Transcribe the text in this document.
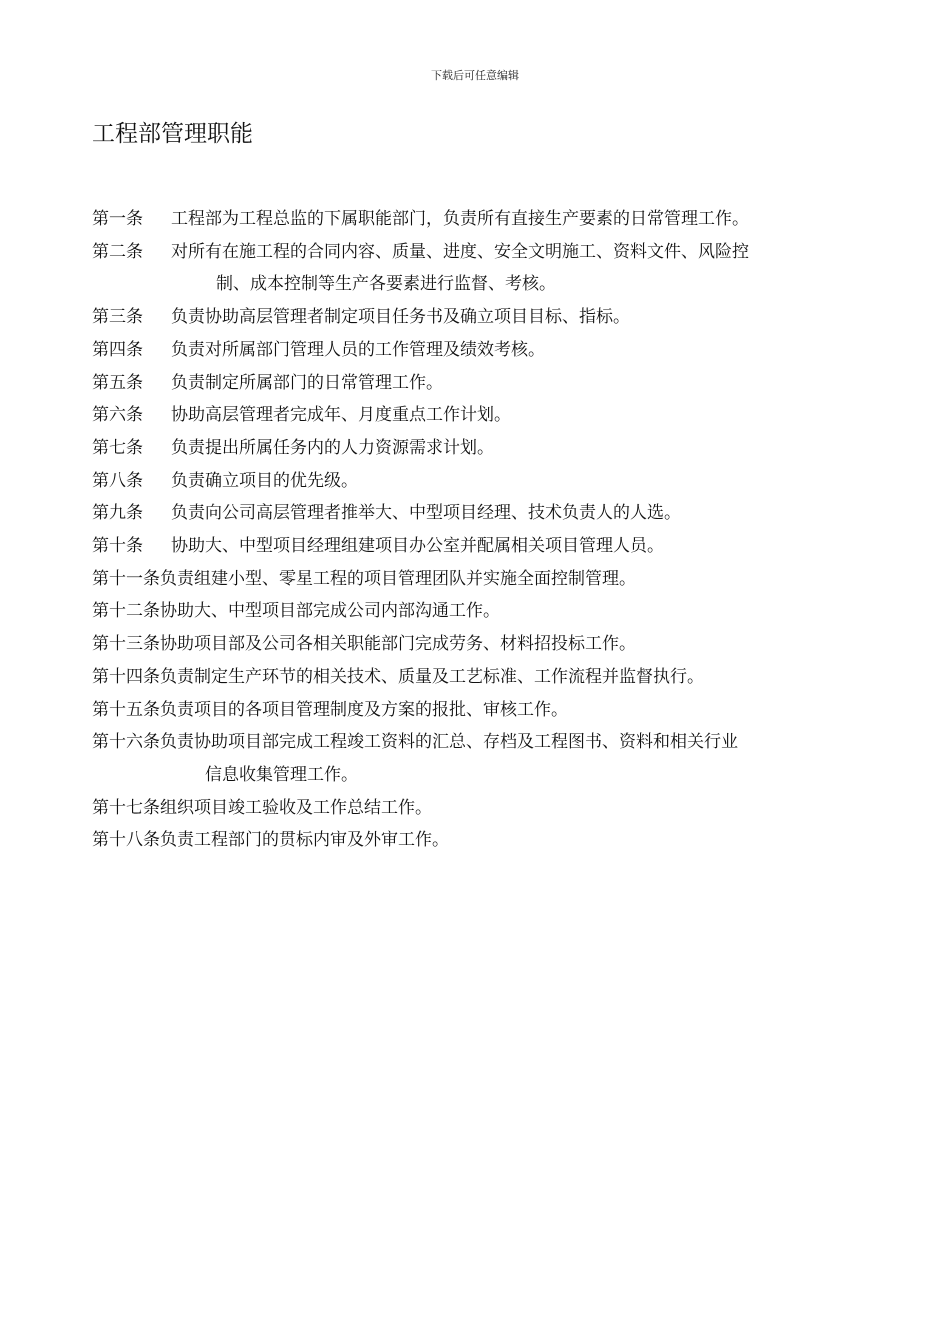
下载后可任意编辑
工程部管理职能
第一条	工程部为工程总监的下属职能部门，负责所有直接生产要素的日常管理工作。
第二条	对所有在施工程的合同内容、质量、进度、安全文明施工、资料文件、风险控
制、成本控制等生产各要素进行监督、考核。
第三条	负责协助高层管理者制定项目任务书及确立项目目标、指标。
第四条	负责对所属部门管理人员的工作管理及绩效考核。
第五条	负责制定所属部门的日常管理工作。
第六条	协助高层管理者完成年、月度重点工作计划。
第七条	负责提出所属任务内的人力资源需求计划。
第八条	负责确立项目的优先级。
第九条	负责向公司高层管理者推举大、中型项目经理、技术负责人的人选。
第十条	协助大、中型项目经理组建项目办公室并配属相关项目管理人员。
第十一条 负责组建小型、零星工程的项目管理团队并实施全面控制管理。
第十二条 协助大、中型项目部完成公司内部沟通工作。
第十三条 协助项目部及公司各相关职能部门完成劳务、材料招投标工作。
第十四条 负责制定生产环节的相关技术、质量及工艺标准、工作流程并监督执行。
第十五条 负责项目的各项目管理制度及方案的报批、审核工作。
第十六条 负责协助项目部完成工程竣工资料的汇总、存档及工程图书、资料和相关行业
信息收集管理工作。
第十七条 组织项目竣工验收及工作总结工作。
第十八条 负责工程部门的贯标内审及外审工作。
